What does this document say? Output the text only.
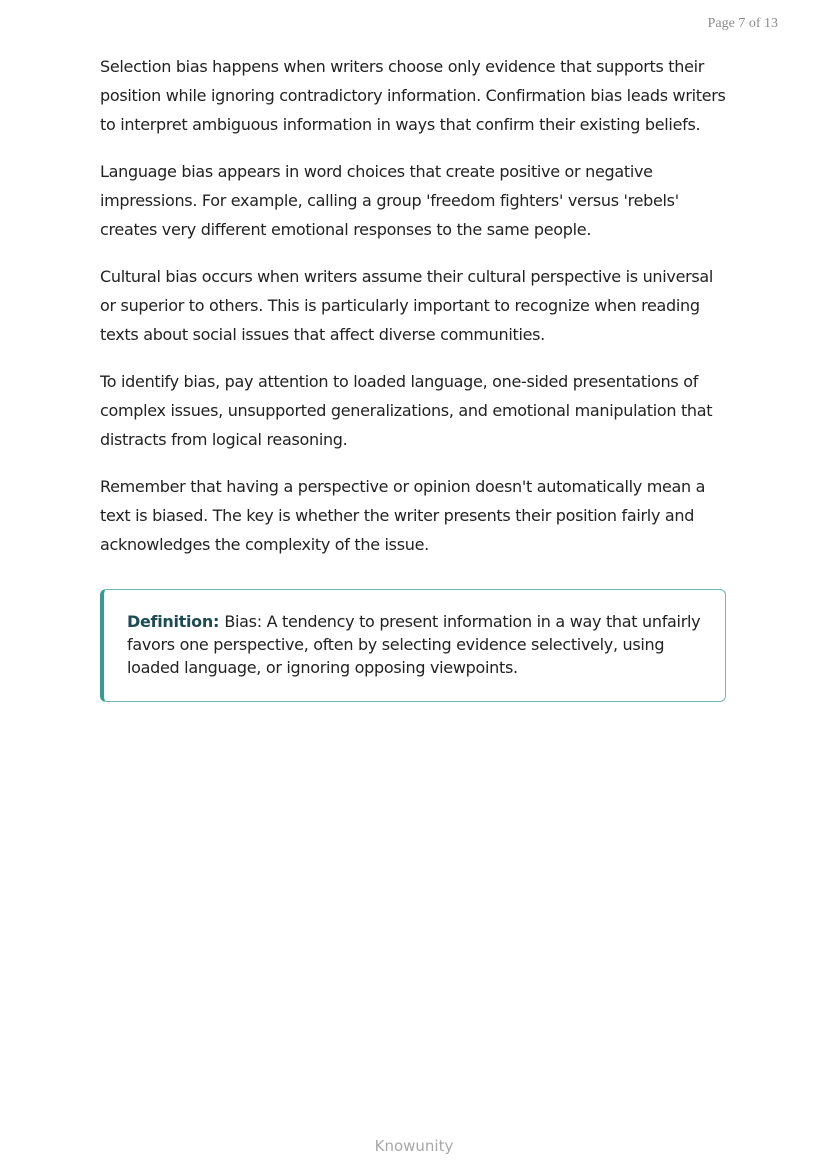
Page 7 of 13

Selection bias happens when writers choose only evidence that supports their position while ignoring contradictory information. Confirmation bias leads writers to interpret ambiguous information in ways that confirm their existing beliefs.

Language bias appears in word choices that create positive or negative impressions. For example, calling a group 'freedom fighters' versus 'rebels' creates very different emotional responses to the same people.

Cultural bias occurs when writers assume their cultural perspective is universal or superior to others. This is particularly important to recognize when reading texts about social issues that affect diverse communities.

To identify bias, pay attention to loaded language, one-sided presentations of complex issues, unsupported generalizations, and emotional manipulation that distracts from logical reasoning.

Remember that having a perspective or opinion doesn't automatically mean a text is biased. The key is whether the writer presents their position fairly and acknowledges the complexity of the issue.

Definition: Bias: A tendency to present information in a way that unfairly favors one perspective, often by selecting evidence selectively, using loaded language, or ignoring opposing viewpoints.
Knowunity
